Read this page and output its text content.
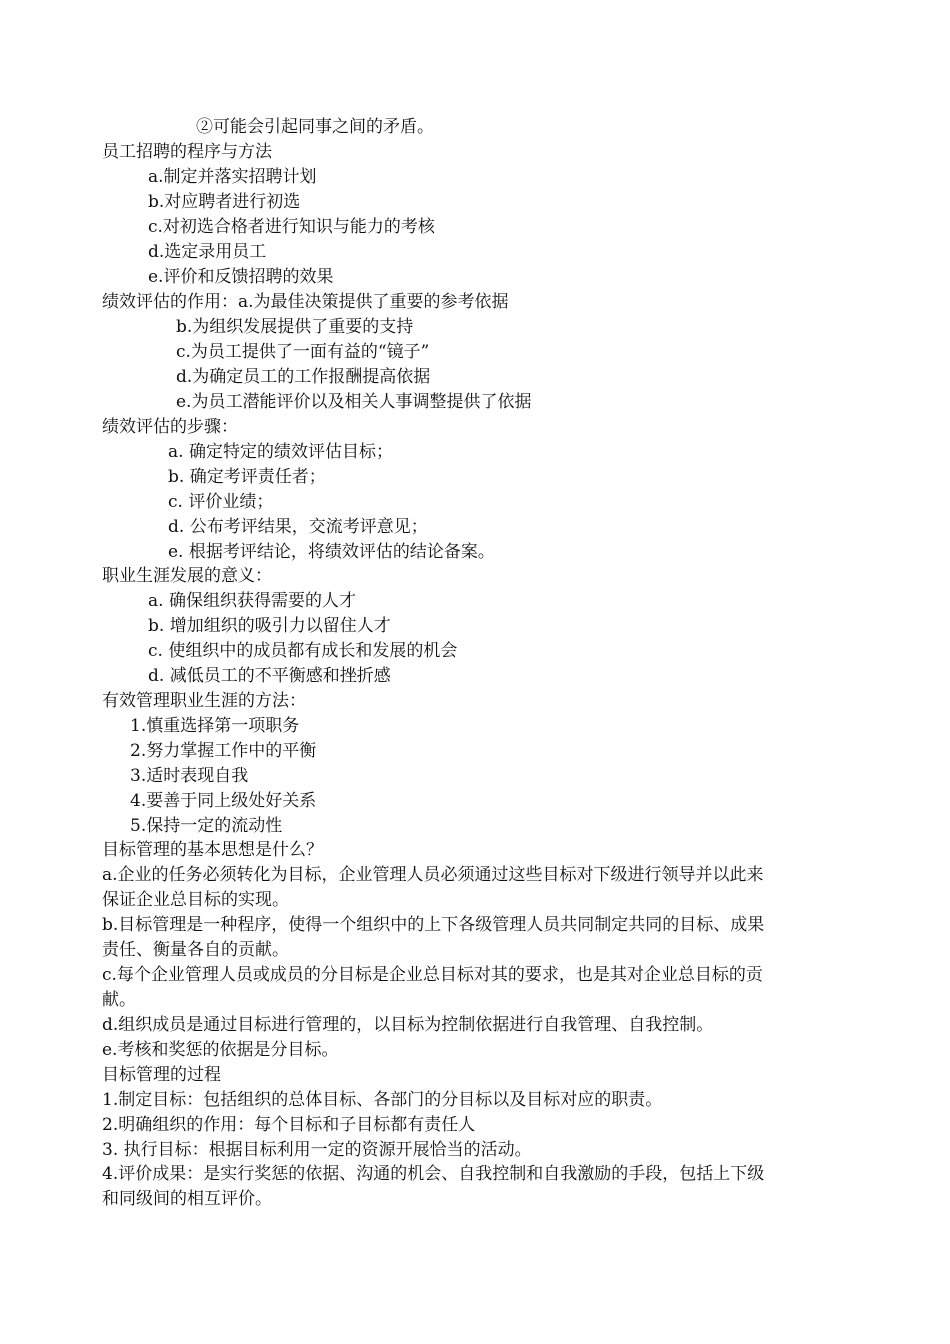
②可能会引起同事之间的矛盾。
员工招聘的程序与方法
a.制定并落实招聘计划
b.对应聘者进行初选
c.对初选合格者进行知识与能力的考核
d.选定录用员工
e.评价和反馈招聘的效果
绩效评估的作用：a.为最佳决策提供了重要的参考依据
b.为组织发展提供了重要的支持
c.为员工提供了一面有益的“镜子”
d.为确定员工的工作报酬提高依据
e.为员工潜能评价以及相关人事调整提供了依据
绩效评估的步骤：
a. 确定特定的绩效评估目标；
b. 确定考评责任者；
c. 评价业绩；
d. 公布考评结果，交流考评意见；
e. 根据考评结论，将绩效评估的结论备案。
职业生涯发展的意义：
a. 确保组织获得需要的人才
b. 增加组织的吸引力以留住人才
c. 使组织中的成员都有成长和发展的机会
d. 减低员工的不平衡感和挫折感
有效管理职业生涯的方法：
1.慎重选择第一项职务
2.努力掌握工作中的平衡
3.适时表现自我
4.要善于同上级处好关系
5.保持一定的流动性
目标管理的基本思想是什么？
a.企业的任务必须转化为目标，企业管理人员必须通过这些目标对下级进行领导并以此来
保证企业总目标的实现。
b.目标管理是一种程序，使得一个组织中的上下各级管理人员共同制定共同的目标、成果
责任、衡量各自的贡献。
c.每个企业管理人员或成员的分目标是企业总目标对其的要求，也是其对企业总目标的贡
献。
d.组织成员是通过目标进行管理的，以目标为控制依据进行自我管理、自我控制。
e.考核和奖惩的依据是分目标。
目标管理的过程
1.制定目标：包括组织的总体目标、各部门的分目标以及目标对应的职责。
2.明确组织的作用：每个目标和子目标都有责任人
3. 执行目标：根据目标利用一定的资源开展恰当的活动。
4.评价成果：是实行奖惩的依据、沟通的机会、自我控制和自我激励的手段，包括上下级
和同级间的相互评价。
